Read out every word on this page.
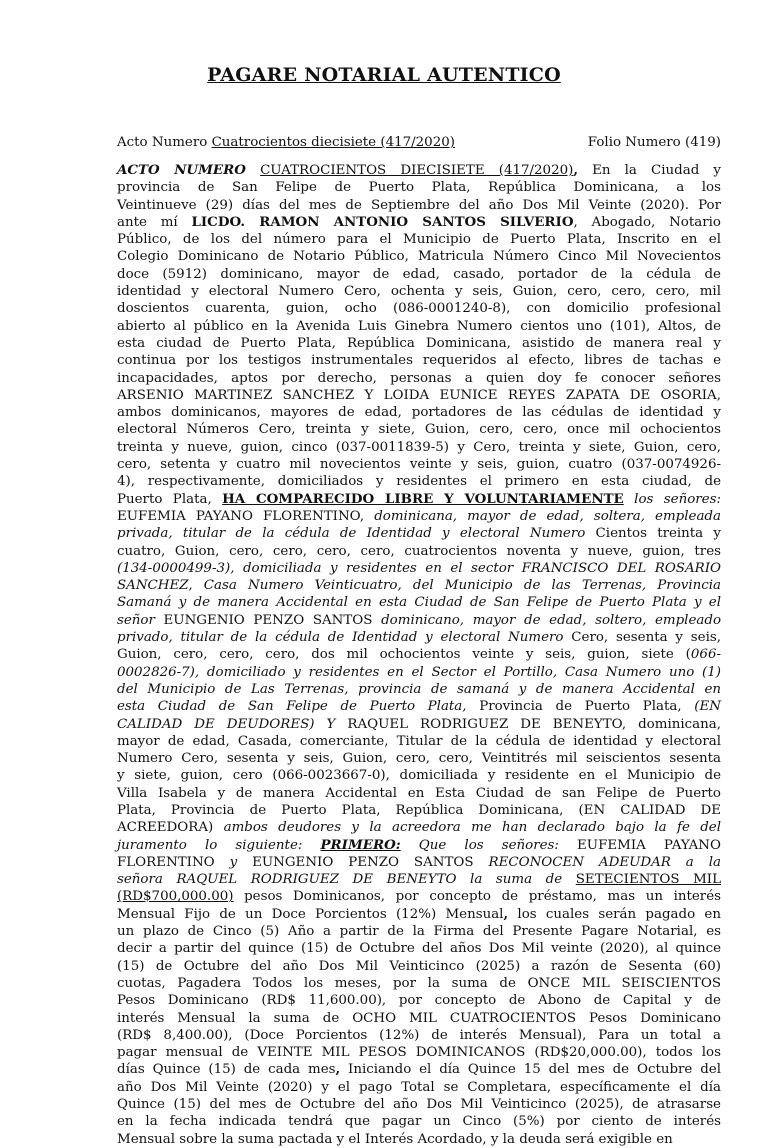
PAGARE NOTARIAL AUTENTICO
Acto Numero Cuatrocientos diecisiete (417/2020)	Folio Numero (419)
ACTO NUMERO CUATROCIENTOS DIECISIETE (417/2020), En la Ciudad y
provincia de San Felipe de Puerto Plata, República Dominicana, a los
Veintinueve (29) días del mes de Septiembre del año Dos Mil Veinte (2020). Por
ante mí LICDO. RAMON ANTONIO SANTOS SILVERIO, Abogado, Notario
Público, de los del número para el Municipio de Puerto Plata, Inscrito en el
Colegio Dominicano de Notario Público, Matricula Número Cinco Mil Novecientos
doce (5912) dominicano, mayor de edad, casado, portador de la cédula de
identidad y electoral Numero Cero, ochenta y seis, Guion, cero, cero, cero, mil
doscientos cuarenta, guion, ocho (086-0001240-8), con domicilio profesional
abierto al público en la Avenida Luis Ginebra Numero cientos uno (101), Altos, de
esta ciudad de Puerto Plata, República Dominicana, asistido de manera real y
continua por los testigos instrumentales requeridos al efecto, libres de tachas e
incapacidades, aptos por derecho, personas a quien doy fe conocer señores
ARSENIO MARTINEZ SANCHEZ Y LOIDA EUNICE REYES ZAPATA DE OSORIA,
ambos dominicanos, mayores de edad, portadores de las cédulas de identidad y
electoral Números Cero, treinta y siete, Guion, cero, cero, once mil ochocientos
treinta y nueve, guion, cinco (037-0011839-5) y Cero, treinta y siete, Guion, cero,
cero, setenta y cuatro mil novecientos veinte y seis, guion, cuatro (037-0074926-
4), respectivamente, domiciliados y residentes el primero en esta ciudad, de
Puerto Plata, HA COMPARECIDO LIBRE Y VOLUNTARIAMENTE los señores:
EUFEMIA PAYANO FLORENTINO, dominicana, mayor de edad, soltera, empleada
privada, titular de la cédula de Identidad y electoral Numero Cientos treinta y
cuatro, Guion, cero, cero, cero, cero, cuatrocientos noventa y nueve, guion, tres
(134-0000499-3), domiciliada y residentes en el sector FRANCISCO DEL ROSARIO
SANCHEZ, Casa Numero Veinticuatro, del Municipio de las Terrenas, Provincia
Samaná y de manera Accidental en esta Ciudad de San Felipe de Puerto Plata y el
señor EUNGENIO PENZO SANTOS dominicano, mayor de edad, soltero, empleado
privado, titular de la cédula de Identidad y electoral Numero Cero, sesenta y seis,
Guion, cero, cero, cero, dos mil ochocientos veinte y seis, guion, siete (066-
0002826-7), domiciliado y residentes en el Sector el Portillo, Casa Numero uno (1)
del Municipio de Las Terrenas, provincia de samaná y de manera Accidental en
esta Ciudad de San Felipe de Puerto Plata, Provincia de Puerto Plata, (EN
CALIDAD DE DEUDORES) Y RAQUEL RODRIGUEZ DE BENEYTO, dominicana,
mayor de edad, Casada, comerciante, Titular de la cédula de identidad y electoral
Numero Cero, sesenta y seis, Guion, cero, cero, Veintitrés mil seiscientos sesenta
y siete, guion, cero (066-0023667-0), domiciliada y residente en el Municipio de
Villa Isabela y de manera Accidental en Esta Ciudad de san Felipe de Puerto
Plata, Provincia de Puerto Plata, República Dominicana, (EN CALIDAD DE
ACREEDORA) ambos deudores y la acreedora me han declarado bajo la fe del
juramento lo siguiente: PRIMERO: Que los señores: EUFEMIA PAYANO
FLORENTINO y EUNGENIO PENZO SANTOS RECONOCEN ADEUDAR a la
señora RAQUEL RODRIGUEZ DE BENEYTO la suma de SETECIENTOS MIL
(RD$700,000.00) pesos Dominicanos, por concepto de préstamo, mas un interés
Mensual Fijo de un Doce Porcientos (12%) Mensual, los cuales serán pagado en
un plazo de Cinco (5) Año a partir de la Firma del Presente Pagare Notarial, es
decir a partir del quince (15) de Octubre del años Dos Mil veinte (2020), al quince
(15) de Octubre del año Dos Mil Veinticinco (2025) a razón de Sesenta (60)
cuotas, Pagadera Todos los meses, por la suma de ONCE MIL SEISCIENTOS
Pesos Dominicano (RD$ 11,600.00), por concepto de Abono de Capital y de
interés Mensual la suma de OCHO MIL CUATROCIENTOS Pesos Dominicano
(RD$ 8,400.00), (Doce Porcientos (12%) de interés Mensual), Para un total a
pagar mensual de VEINTE MIL PESOS DOMINICANOS (RD$20,000.00), todos los
días Quince (15) de cada mes, Iniciando el día Quince 15 del mes de Octubre del
año Dos Mil Veinte (2020) y el pago Total se Completara, específicamente el día
Quince (15) del mes de Octubre del año Dos Mil Veinticinco (2025), de atrasarse
en la fecha indicada tendrá que pagar un Cinco (5%) por ciento de interés
Mensual sobre la suma pactada y el Interés Acordado, y la deuda será exigible en
